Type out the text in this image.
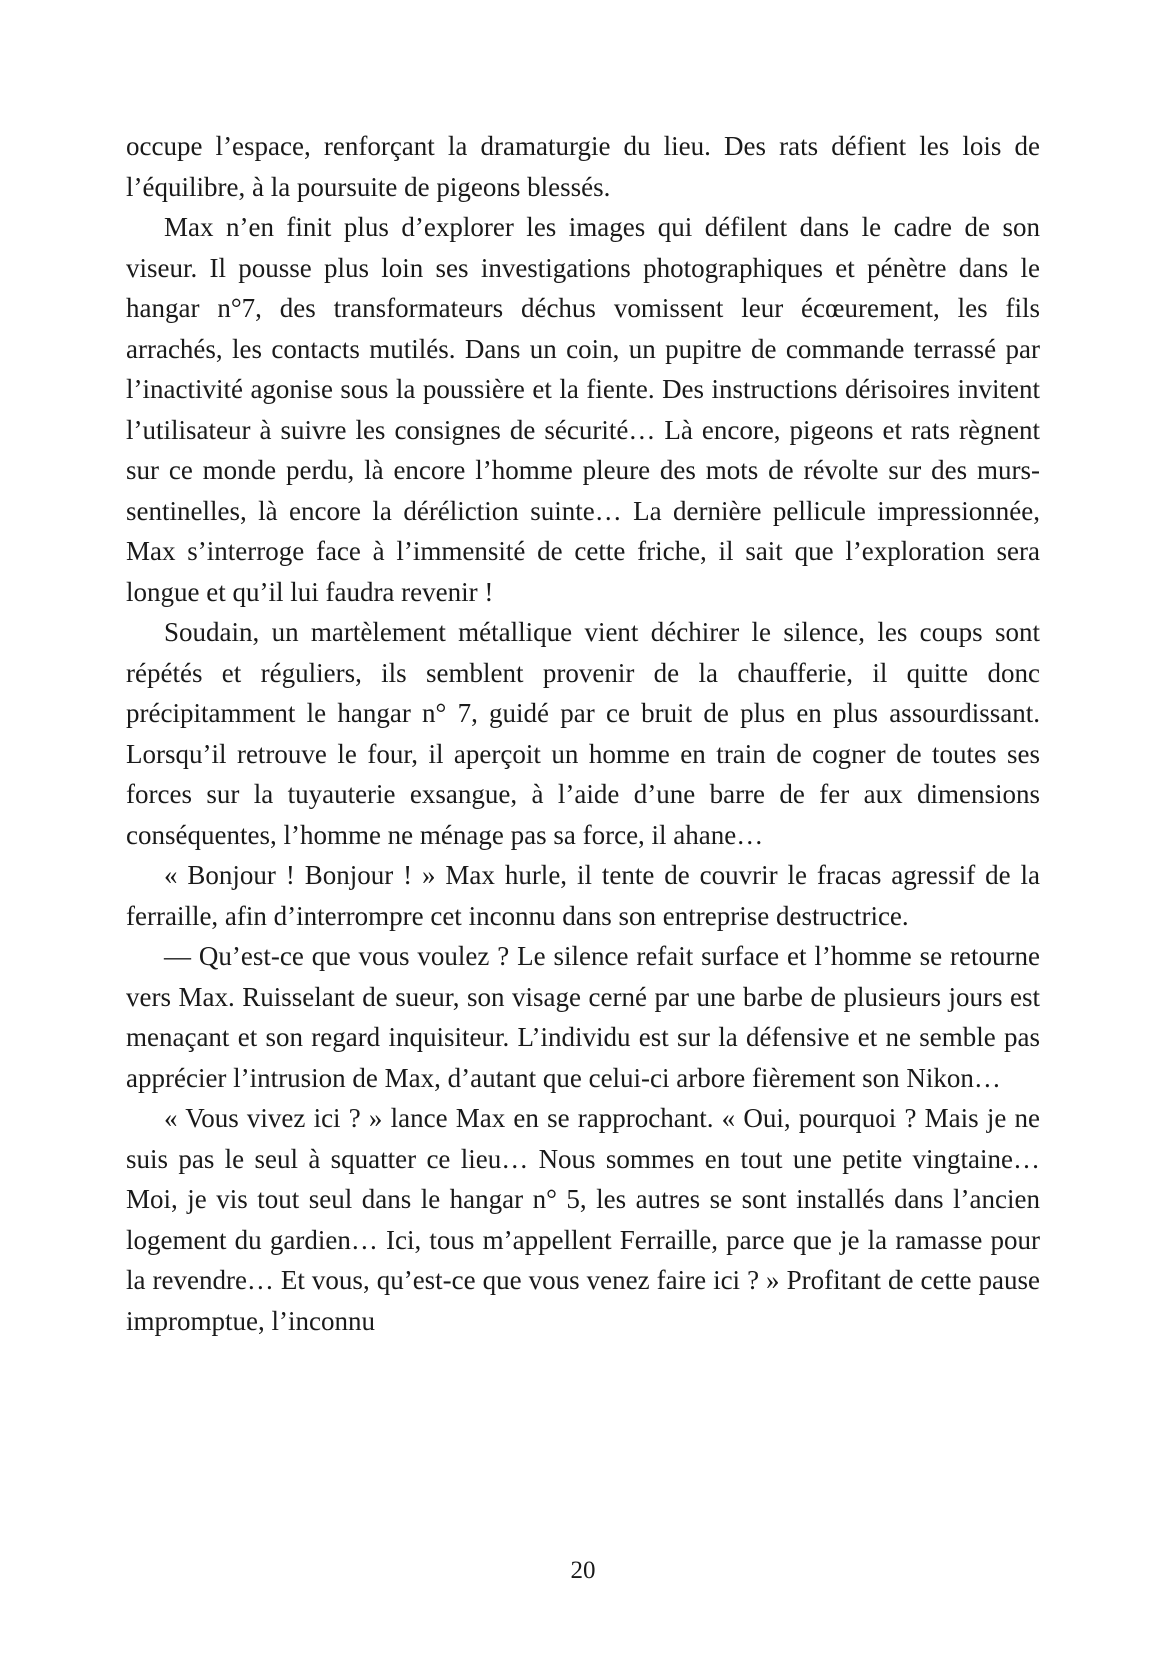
occupe l’espace, renforçant la dramaturgie du lieu. Des rats défient les lois de l’équilibre, à la poursuite de pigeons blessés.

Max n’en finit plus d’explorer les images qui défilent dans le cadre de son viseur. Il pousse plus loin ses investigations photographiques et pénètre dans le hangar n°7, des transformateurs déchus vomissent leur écœurement, les fils arrachés, les contacts mutilés. Dans un coin, un pupitre de commande terrassé par l’inactivité agonise sous la poussière et la fiente. Des instructions dérisoires invitent l’utilisateur à suivre les consignes de sécurité… Là encore, pigeons et rats règnent sur ce monde perdu, là encore l’homme pleure des mots de révolte sur des murs-sentinelles, là encore la déréliction suinte… La dernière pellicule impressionnée, Max s’interroge face à l’immensité de cette friche, il sait que l’exploration sera longue et qu’il lui faudra revenir !

Soudain, un martèlement métallique vient déchirer le silence, les coups sont répétés et réguliers, ils semblent provenir de la chaufferie, il quitte donc précipitamment le hangar n° 7, guidé par ce bruit de plus en plus assourdissant. Lorsqu’il retrouve le four, il aperçoit un homme en train de cogner de toutes ses forces sur la tuyauterie exsangue, à l’aide d’une barre de fer aux dimensions conséquentes, l’homme ne ménage pas sa force, il ahane…

« Bonjour ! Bonjour ! » Max hurle, il tente de couvrir le fracas agressif de la ferraille, afin d’interrompre cet inconnu dans son entreprise destructrice.

— Qu’est-ce que vous voulez ? Le silence refait surface et l’homme se retourne vers Max. Ruisselant de sueur, son visage cerné par une barbe de plusieurs jours est menaçant et son regard inquisiteur. L’individu est sur la défensive et ne semble pas apprécier l’intrusion de Max, d’autant que celui-ci arbore fièrement son Nikon…

« Vous vivez ici ? » lance Max en se rapprochant. « Oui, pourquoi ? Mais je ne suis pas le seul à squatter ce lieu… Nous sommes en tout une petite vingtaine… Moi, je vis tout seul dans le hangar n° 5, les autres se sont installés dans l’ancien logement du gardien… Ici, tous m’appellent Ferraille, parce que je la ramasse pour la revendre… Et vous, qu’est-ce que vous venez faire ici ? » Profitant de cette pause impromptue, l’inconnu

20
